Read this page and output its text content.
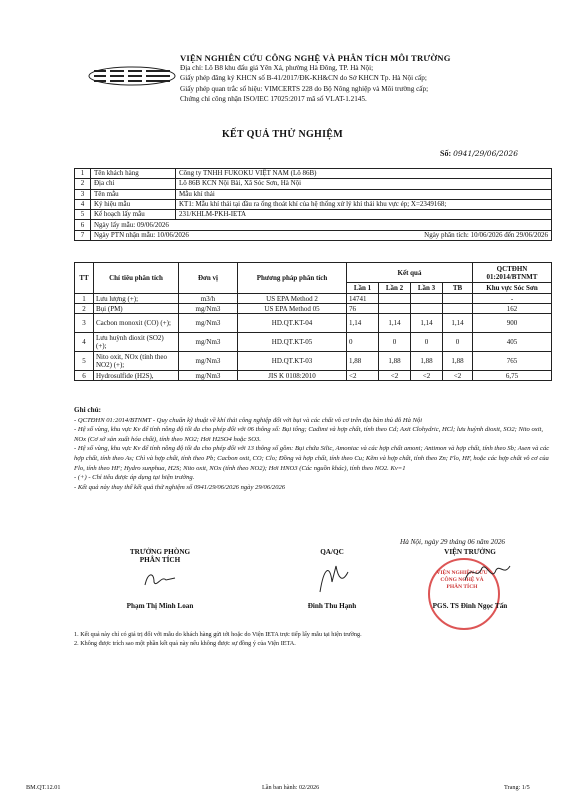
VIỆN NGHIÊN CỨU CÔNG NGHỆ VÀ PHÂN TÍCH MÔI TRƯỜNG
Địa chỉ: Lô B8 khu đấu giá Yên Xá, phường Hà Đông, TP. Hà Nội;
Giấy phép đăng ký KHCN số B-41/2017/ĐK-KH&CN do Sở KHCN Tp. Hà Nội cấp;
Giấy phép quan trắc số hiệu: VIMCERTS 228 do Bộ Nông nghiệp và Môi trường cấp;
Chứng chỉ công nhận ISO/IEC 17025:2017 mã số VLAT-1.2145.
KẾT QUẢ THỬ NGHIỆM
Số: 0941/29/06/2026
1	Tên khách hàng	Công ty TNHH FUKOKU VIỆT NAM (Lô 86B)
2	Địa chỉ	Lô 86B KCN Nội Bài, Xã Sóc Sơn, Hà Nội
3	Tên mẫu	Mẫu khí thải
4	Ký hiệu mẫu	KT1: Mẫu khí thải tại đầu ra ống thoát khí của hệ thống xử lý khí thải khu vực ép; X=2349168;
5	Kế hoạch lấy mẫu	231/KHLM-PKH-IETA
6	Ngày lấy mẫu: 09/06/2026	
7	Ngày PTN nhận mẫu: 10/06/2026 Ngày phân tích: 10/06/2026 đến 29/06/2026	
TT	Chỉ tiêu phân tích	Đơn vị	Phương pháp phân tích	Kết quả				QCTĐHN 01:2014/BTNMT
				Lần 1	Lần 2	Lần 3	TB	Khu vực Sóc Sơn
1	Lưu lượng (+);	m3/h	US EPA Method 2	14741				-
2	Bụi (PM)	mg/Nm3	US EPA Method 05	76				162
3	Cacbon monoxit (CO) (+);	mg/Nm3	HD.QT.KT-04	1,14	1,14	1,14	1,14	900
4	Lưu huỳnh dioxit (SO2) (+);	mg/Nm3	HD.QT.KT-05	0	0	0	0	405
5	Nito oxit, NOx (tính theo NO2) (+);	mg/Nm3	HD.QT.KT-03	1,88	1,88	1,88	1,88	765
6	Hydrosulfide (H2S),	mg/Nm3	JIS K 0108:2010	<2	<2	<2	<2	6,75
Ghi chú:
- QCTĐHN 01:2014/BTNMT - Quy chuẩn kỹ thuật về khí thải công nghiệp đối với bụi và các chất vô cơ trên địa bàn thủ đô Hà Nội
- Hệ số vùng, khu vực Kv để tính nồng độ tối đa cho phép đối với 06 thông số: Bụi tổng; Cadimi và hợp chất, tính theo Cd; Axit Clohydric, HCl; lưu huỳnh dioxit, SO2; Nito oxit, NOx (Cơ sở sản xuất hóa chất), tính theo NO2; Hơi H2SO4 hoặc SO3.
- Hệ số vùng, khu vực Kv để tính nồng độ tối đa cho phép đối với 13 thông số gồm: Bụi chứa Silic, Amoniac và các hợp chất amoni; Antimon và hợp chất, tính theo Sb; Asen và các hợp chất, tính theo As; Chì và hợp chất, tính theo Pb; Cacbon oxit, CO; Clo; Đồng và hợp chất, tính theo Cu; Kẽm và hợp chất, tính theo Zn; Flo, HF, hoặc các hợp chất vô cơ của Flo, tính theo HF; Hydro sunphua, H2S; Nito oxit, NOx (tính theo NO2); Hơi HNO3 (Các nguồn khác), tính theo NO2. Kv=1
- (+) - Chỉ tiêu được áp dụng tại hiện trường.
- Kết quả này thay thế kết quả thử nghiệm số 0941/29/06/2026 ngày 29/06/2026
Hà Nội, ngày 29 tháng 06 năm 2026
TRƯỞNG PHÒNG
PHÂN TÍCH
Phạm Thị Minh Loan
QA/QC
Đinh Thu Hạnh
VIỆN TRƯỞNG
VIỆN NGHIÊN CỨU CÔNG NGHỆ VÀ PHÂN TÍCH
PGS. TS Đinh Ngọc Tấn
1. Kết quả này chỉ có giá trị đối với mẫu do khách hàng gửi tới hoặc do Viện IETA trực tiếp lấy mẫu tại hiện trường.
2. Không được trích sao một phần kết quả này nếu không được sự đồng ý của Viện IETA.
BM.QT.12.01	Lần ban hành: 02/2026	Trang: 1/5
